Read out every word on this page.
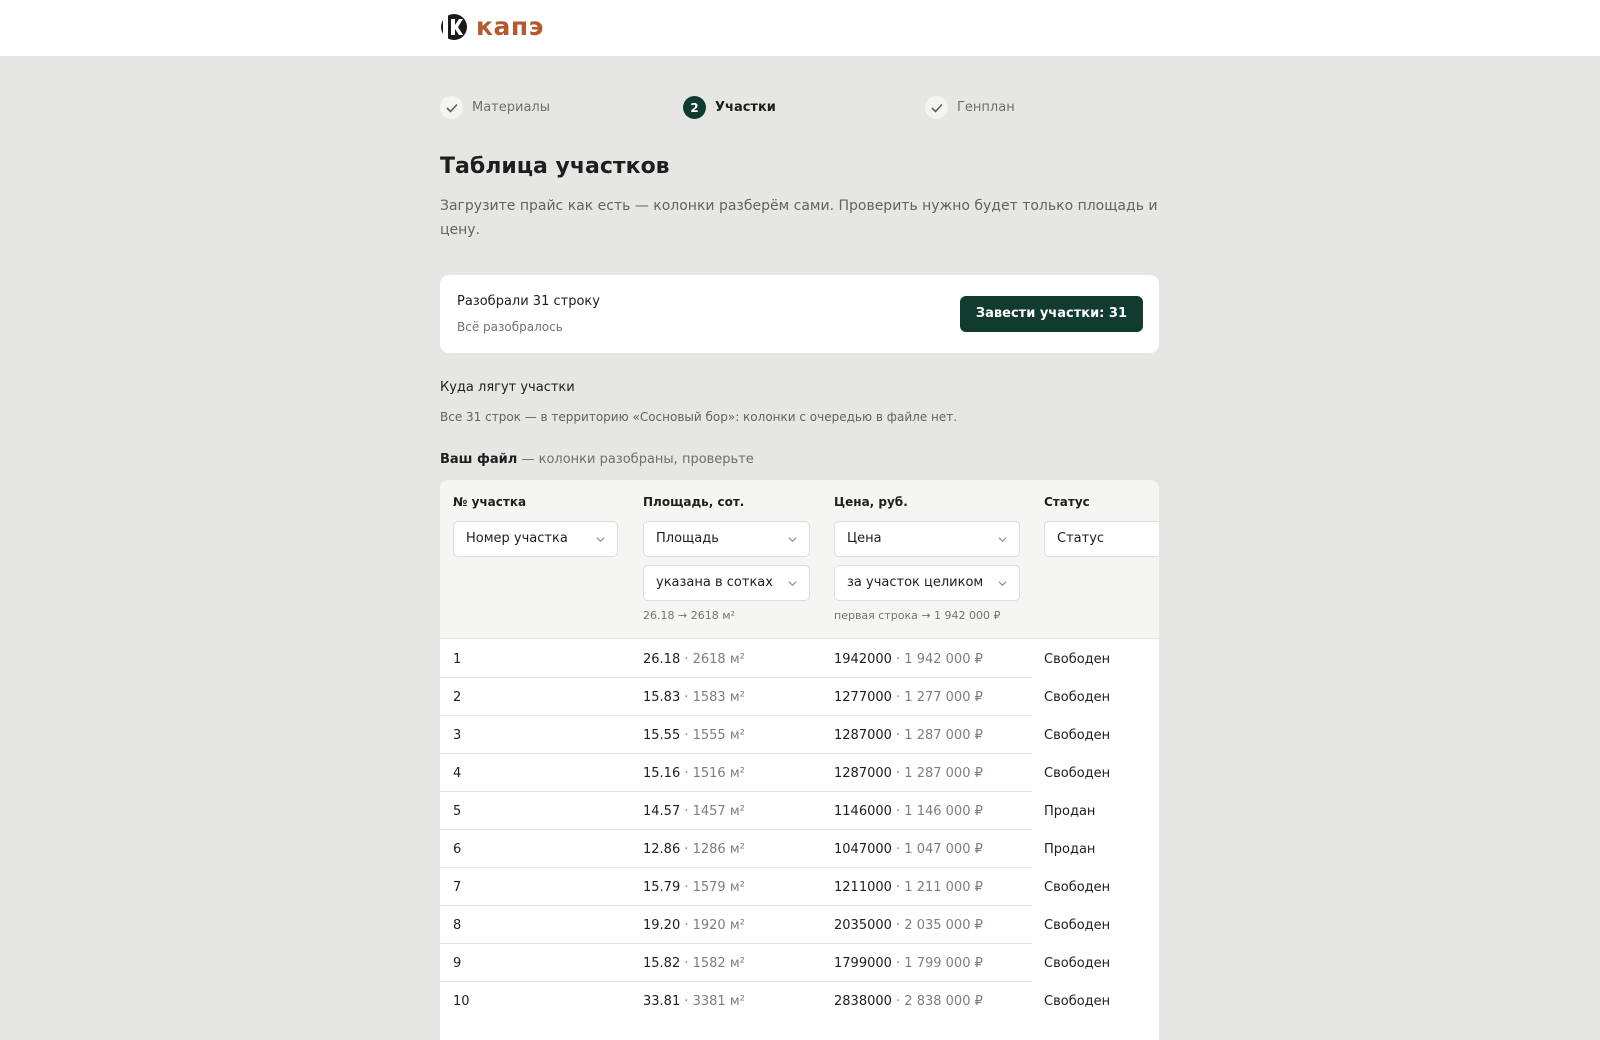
капэ
Материалы	2	Участки	Генплан
Таблица участков

Загрузите прайс как есть — колонки разберём сами. Проверить нужно будет только площадь и цену.

Разобрали 31 строку
Всё разобралось
Завести участки: 31
Куда лягут участки
Все 31 строк — в территорию «Сосновый бор»: колонки с очередью в файле нет.
Ваш файл — колонки разобраны, проверьте
№ участка
Номер участка
Площадь, сот.
Площадь
указана в сотках
26.18 → 2618 м²
Цена, руб.
Цена
за участок целиком
первая строка → 1 942 000 ₽
Статус
Статус
1	26.18 · 2618 м²	1942000 · 1 942 000 ₽	Свободен
2	15.83 · 1583 м²	1277000 · 1 277 000 ₽	Свободен
3	15.55 · 1555 м²	1287000 · 1 287 000 ₽	Свободен
4	15.16 · 1516 м²	1287000 · 1 287 000 ₽	Свободен
5	14.57 · 1457 м²	1146000 · 1 146 000 ₽	Продан
6	12.86 · 1286 м²	1047000 · 1 047 000 ₽	Продан
7	15.79 · 1579 м²	1211000 · 1 211 000 ₽	Свободен
8	19.20 · 1920 м²	2035000 · 2 035 000 ₽	Свободен
9	15.82 · 1582 м²	1799000 · 1 799 000 ₽	Свободен
10	33.81 · 3381 м²	2838000 · 2 838 000 ₽	Свободен
